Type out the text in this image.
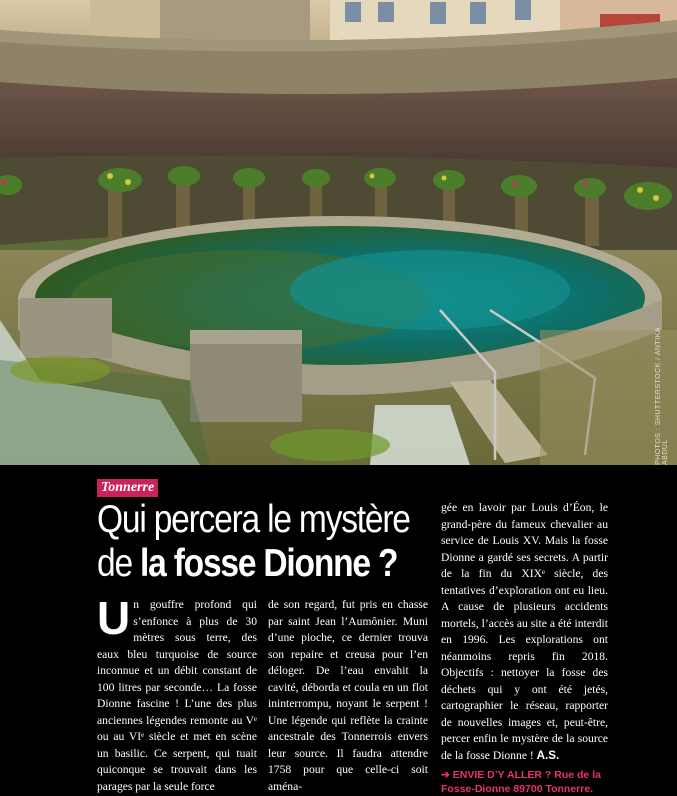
PHOTOS : SHUTTERSTOCK / ANTIKA ABDUL
Tonnerre
Qui percera le mystère
de la fosse Dionne ?
U n gouffre profond qui s’enfonce à plus de 30 mètres sous terre, des eaux bleu turquoise de source inconnue et un débit constant de 100 litres par seconde… La fosse Dionne fascine ! L’une des plus anciennes légendes remonte au Vᵉ ou au VIᵉ siècle et met en scène un basilic. Ce serpent, qui tuait quiconque se trouvait dans les parages par la seule force

de son regard, fut pris en chasse par saint Jean l’Aumônier. Muni d’une pioche, ce dernier trouva son repaire et creusa pour l’en déloger. De l’eau envahit la cavité, déborda et coula en un flot ininterrompu, noyant le serpent ! Une légende qui reflète la crainte ancestrale des Tonnerrois envers leur source. Il faudra attendre 1758 pour que celle-ci soit aména-

gée en lavoir par Louis d’Éon, le grand-père du fameux chevalier au service de Louis XV. Mais la fosse Dionne a gardé ses secrets. A partir de la fin du XIXᵉ siècle, des tentatives d’exploration ont eu lieu. A cause de plusieurs accidents mortels, l’accès au site a été interdit en 1996. Les explorations ont néanmoins repris fin 2018. Objectifs : nettoyer la fosse des déchets qui y ont été jetés, cartographier le réseau, rapporter de nouvelles images et, peut-être, percer enfin le mystère de la source de la fosse Dionne ! A.S.

➔ ENVIE D’Y ALLER ? Rue de la Fosse-Dionne 89700 Tonnerre.
